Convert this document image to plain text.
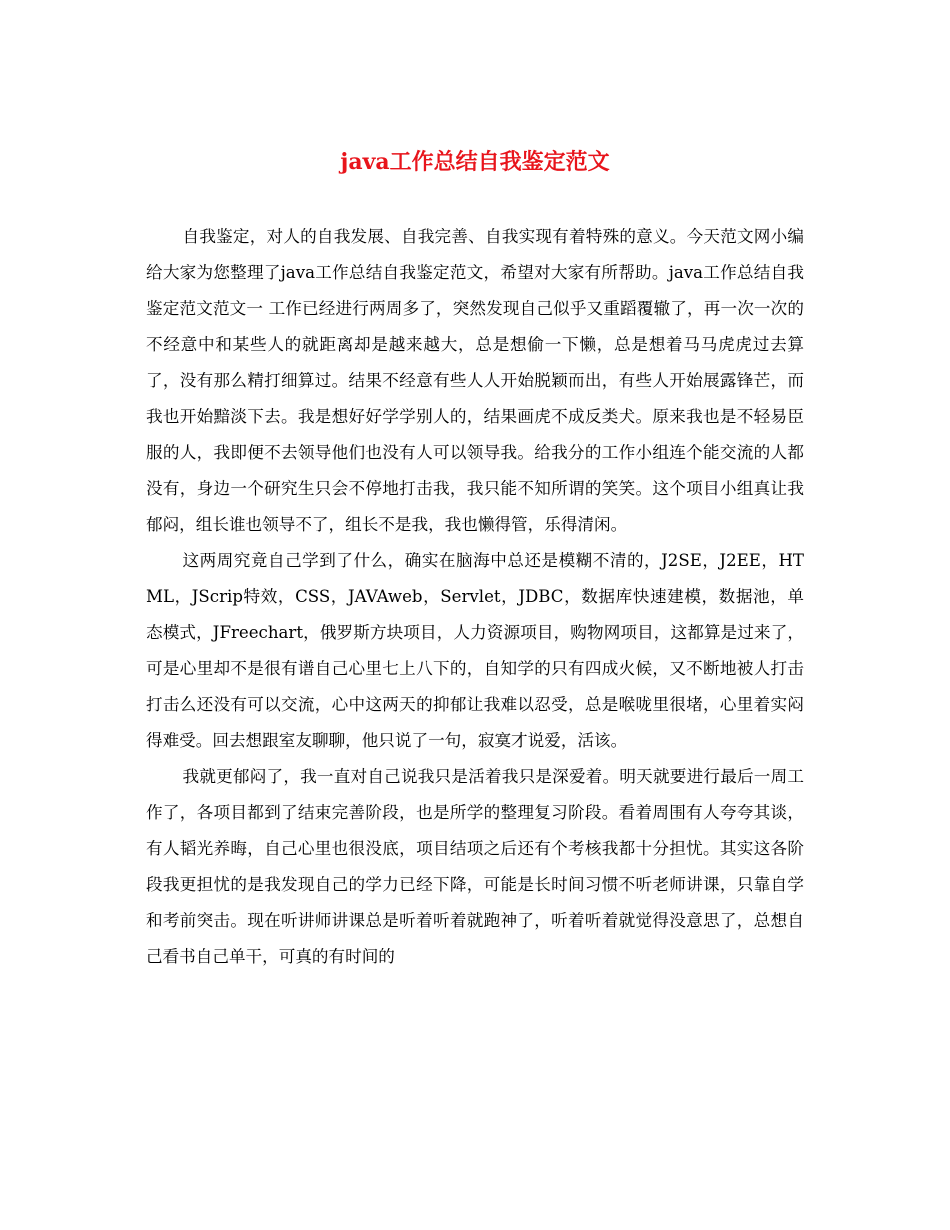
java工作总结自我鉴定范文

自我鉴定，对人的自我发展、自我完善、自我实现有着特殊的意义。今天范文网小编给大家为您整理了java工作总结自我鉴定范文，希望对大家有所帮助。java工作总结自我鉴定范文范文一 工作已经进行两周多了，突然发现自己似乎又重蹈覆辙了，再一次一次的不经意中和某些人的就距离却是越来越大，总是想偷一下懒，总是想着马马虎虎过去算了，没有那么精打细算过。结果不经意有些人人开始脱颖而出，有些人开始展露锋芒，而我也开始黯淡下去。我是想好好学学别人的，结果画虎不成反类犬。原来我也是不轻易臣服的人，我即便不去领导他们也没有人可以领导我。给我分的工作小组连个能交流的人都没有，身边一个研究生只会不停地打击我，我只能不知所谓的笑笑。这个项目小组真让我郁闷，组长谁也领导不了，组长不是我，我也懒得管，乐得清闲。

这两周究竟自己学到了什么，确实在脑海中总还是模糊不清的，J2SE，J2EE，HTML，JScrip特效，CSS，JAVAweb，Servlet，JDBC，数据库快速建模，数据池，单态模式，JFreechart，俄罗斯方块项目，人力资源项目，购物网项目，这都算是过来了，可是心里却不是很有谱自己心里七上八下的，自知学的只有四成火候，又不断地被人打击打击么还没有可以交流，心中这两天的抑郁让我难以忍受，总是喉咙里很堵，心里着实闷得难受。回去想跟室友聊聊，他只说了一句，寂寞才说爱，活该。

我就更郁闷了，我一直对自己说我只是活着我只是深爱着。明天就要进行最后一周工作了，各项目都到了结束完善阶段，也是所学的整理复习阶段。看着周围有人夸夸其谈，有人韬光养晦，自己心里也很没底，项目结项之后还有个考核我都十分担忧。其实这各阶段我更担忧的是我发现自己的学力已经下降，可能是长时间习惯不听老师讲课，只靠自学和考前突击。现在听讲师讲课总是听着听着就跑神了，听着听着就觉得没意思了，总想自己看书自己单干，可真的有时间的
